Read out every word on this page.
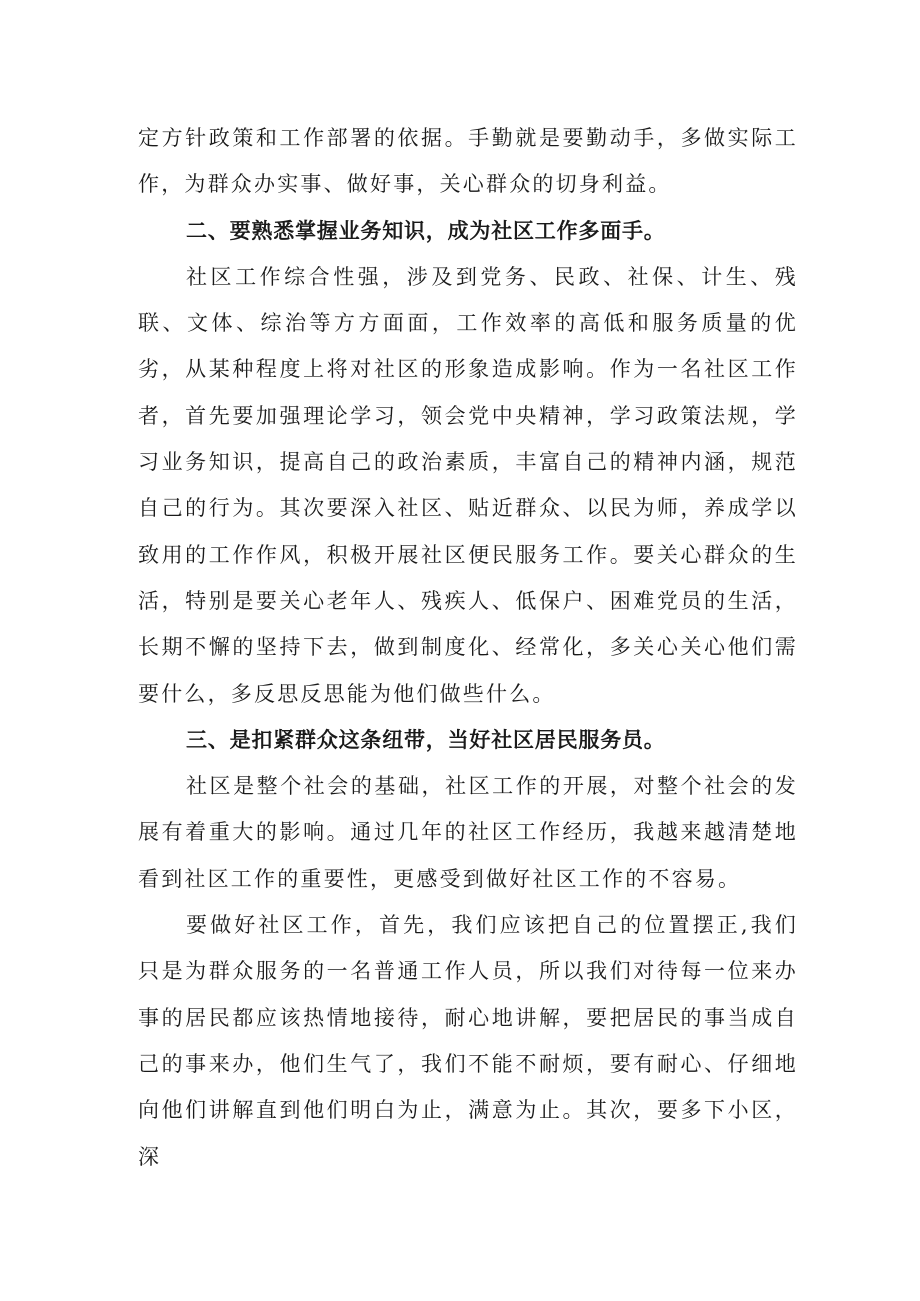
定方针政策和工作部署的依据。手勤就是要勤动手，多做实际工作，为群众办实事、做好事，关心群众的切身利益。

二、要熟悉掌握业务知识，成为社区工作多面手。

社区工作综合性强，涉及到党务、民政、社保、计生、残联、文体、综治等方方面面，工作效率的高低和服务质量的优劣，从某种程度上将对社区的形象造成影响。作为一名社区工作者，首先要加强理论学习，领会党中央精神，学习政策法规，学习业务知识，提高自己的政治素质，丰富自己的精神内涵，规范自己的行为。其次要深入社区、贴近群众、以民为师，养成学以致用的工作作风，积极开展社区便民服务工作。要关心群众的生活，特别是要关心老年人、残疾人、低保户、困难党员的生活，长期不懈的坚持下去，做到制度化、经常化，多关心关心他们需要什么，多反思反思能为他们做些什么。

三、是扣紧群众这条纽带，当好社区居民服务员。

社区是整个社会的基础，社区工作的开展，对整个社会的发展有着重大的影响。通过几年的社区工作经历，我越来越清楚地看到社区工作的重要性，更感受到做好社区工作的不容易。

要做好社区工作，首先，我们应该把自己的位置摆正,我们只是为群众服务的一名普通工作人员，所以我们对待每一位来办事的居民都应该热情地接待，耐心地讲解，要把居民的事当成自己的事来办，他们生气了，我们不能不耐烦，要有耐心、仔细地向他们讲解直到他们明白为止，满意为止。其次，要多下小区，深
